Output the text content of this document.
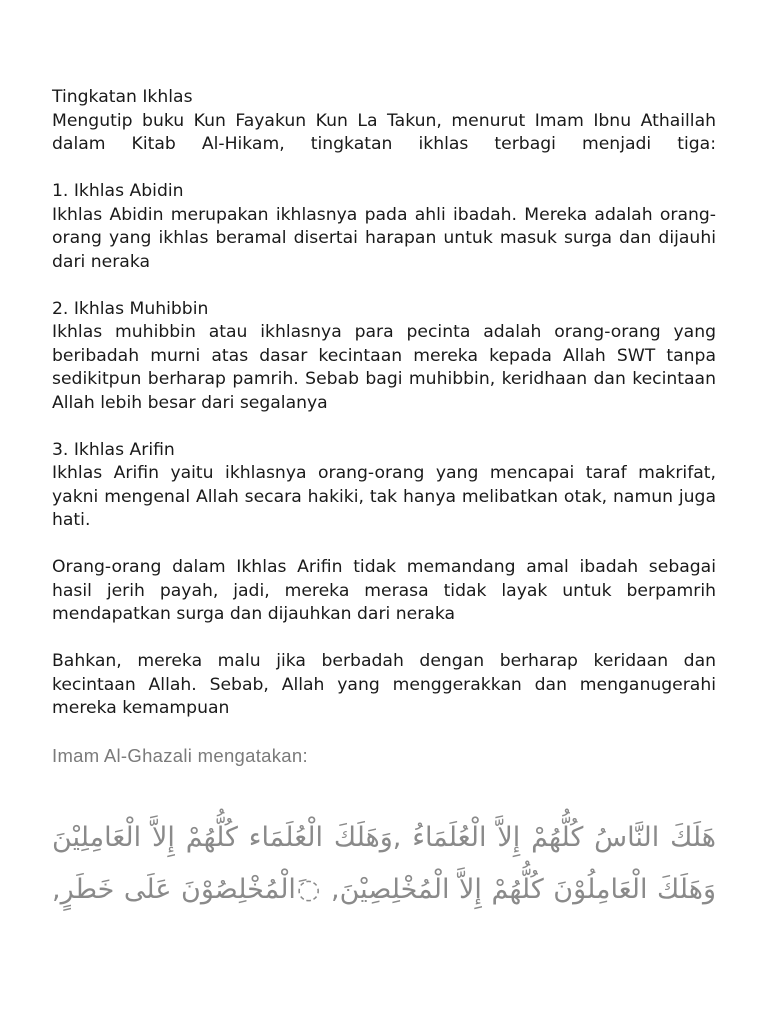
Tingkatan Ikhlas

Mengutip buku Kun Fayakun Kun La Takun, menurut Imam Ibnu Athaillah

dalam Kitab Al-Hikam, tingkatan ikhlas terbagi menjadi tiga:

1. Ikhlas Abidin

Ikhlas Abidin merupakan ikhlasnya pada ahli ibadah. Mereka adalah orang-orang yang ikhlas beramal disertai harapan untuk masuk surga dan dijauhi dari neraka

2. Ikhlas Muhibbin

Ikhlas muhibbin atau ikhlasnya para pecinta adalah orang-orang yang beribadah murni atas dasar kecintaan mereka kepada Allah SWT tanpa sedikitpun berharap pamrih. Sebab bagi muhibbin, keridhaan dan kecintaan Allah lebih besar dari segalanya

3. Ikhlas Arifin

Ikhlas Arifin yaitu ikhlasnya orang-orang yang mencapai taraf makrifat, yakni mengenal Allah secara hakiki, tak hanya melibatkan otak, namun juga hati.

Orang-orang dalam Ikhlas Arifin tidak memandang amal ibadah sebagai hasil jerih payah, jadi, mereka merasa tidak layak untuk berpamrih mendapatkan surga dan dijauhkan dari neraka

Bahkan, mereka malu jika berbadah dengan berharap keridaan dan kecintaan Allah. Sebab, Allah yang menggerakkan dan menganugerahi mereka kemampuan

Imam Al-Ghazali mengatakan:

هَلَكَ النَّاسُ كُلُّهُمْ إِلاَّ الْعُلَمَاءُ ,وَهَلَكَ الْعُلَمَاء كُلُّهُمْ إِلاَّ الْعَامِلِيْنَ
وَهَلَكَ الْعَامِلُوْنَ كُلُّهُمْ إِلاَّ الْمُخْلِصِيْنَ, ◌َالْمُخْلِصُوْنَ عَلَى خَطَرٍ,
